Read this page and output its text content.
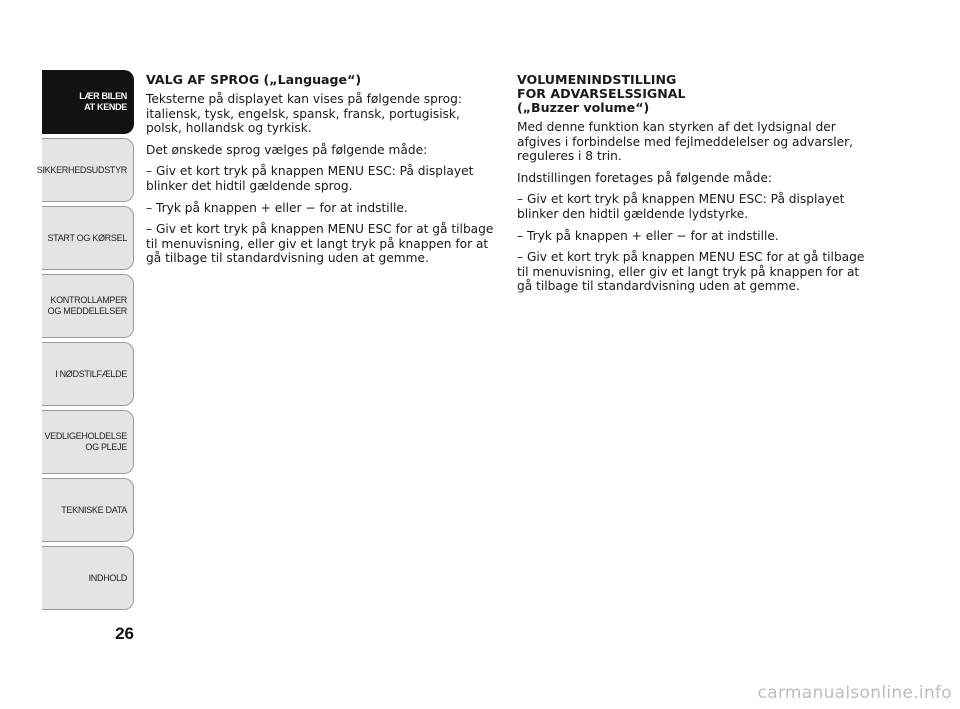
LÆR BILEN
AT KENDE
SIKKERHEDSUDSTYR
START OG KØRSEL
KONTROLLAMPER
OG MEDDELELSER
I NØDSTILFÆLDE
VEDLIGEHOLDELSE
OG PLEJE
TEKNISKE DATA
INDHOLD
26
VALG AF SPROG („Language“)

Teksterne på displayet kan vises på følgende sprog: italiensk, tysk, engelsk, spansk, fransk, portugisisk, polsk, hollandsk og tyrkisk.

Det ønskede sprog vælges på følgende måde:

– Giv et kort tryk på knappen MENU ESC: På displayet blinker det hidtil gældende sprog.

– Tryk på knappen + eller − for at indstille.

– Giv et kort tryk på knappen MENU ESC for at gå tilbage til menuvisning, eller giv et langt tryk på knappen for at gå tilbage til standardvisning uden at gemme.

VOLUMENINDSTILLING
FOR ADVARSELSSIGNAL
(„Buzzer volume“)

Med denne funktion kan styrken af det lydsignal der afgives i forbindelse med fejlmeddelelser og advarsler, reguleres i 8 trin.

Indstillingen foretages på følgende måde:

– Giv et kort tryk på knappen MENU ESC: På displayet blinker den hidtil gældende lydstyrke.

– Tryk på knappen + eller − for at indstille.

– Giv et kort tryk på knappen MENU ESC for at gå tilbage til menuvisning, eller giv et langt tryk på knappen for at gå tilbage til standardvisning uden at gemme.

carmanualsonline.info
